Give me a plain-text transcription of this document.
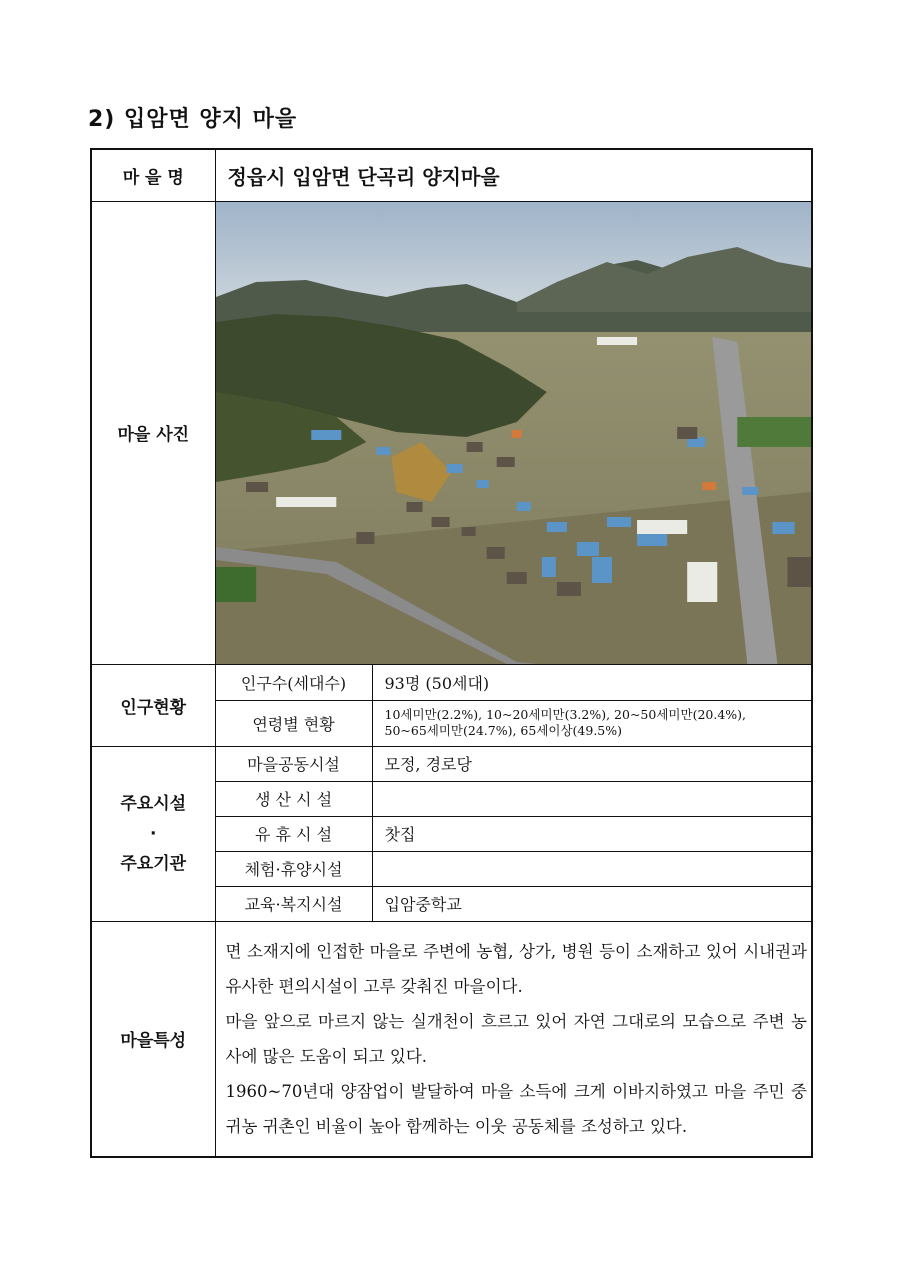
2) 입암면 양지 마을
마 을 명	정읍시 입암면 단곡리 양지마을	
마을 사진	

인구현황	인구수(세대수)	93명 (50세대)
	연령별 현황	10세미만(2.2%), 10~20세미만(3.2%), 20~50세미만(20.4%),
50~65세미만(24.7%), 65세이상(49.5%)

주요시설
·
주요기관	마을공동시설	모정, 경로당
	생 산 시 설	
	유 휴 시 설	찻집
	체험·휴양시설	
	교육·복지시설	입암중학교
마을특성	면 소재지에 인접한 마을로 주변에 농협, 상가, 병원 등이 소재하고 있어 시내권과 유사한 편의시설이 고루 갖춰진 마을이다.

마을 앞으로 마르지 않는 실개천이 흐르고 있어 자연 그대로의 모습으로 주변 농사에 많은 도움이 되고 있다.

1960~70년대 양잠업이 발달하여 마을 소득에 크게 이바지하였고 마을 주민 중 귀농 귀촌인 비율이 높아 함께하는 이웃 공동체를 조성하고 있다.	
